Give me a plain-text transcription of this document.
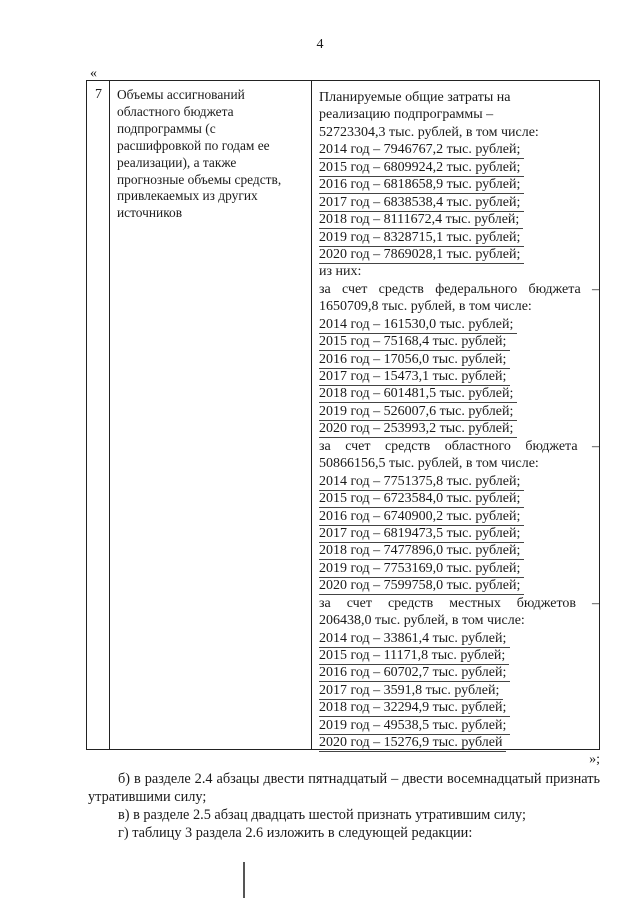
4
«
7 Объемы ассигнований
областного бюджета
подпрограммы (с
расшифровкой по годам ее
реализации), а также
прогнозные объемы средств,
привлекаемых из других
источников
Планируемые общие затраты на
реализацию подпрограммы –
52723304,3 тыс. рублей, в том числе:
2014 год – 7946767,2 тыс. рублей;
2015 год – 6809924,2 тыс. рублей;
2016 год – 6818658,9 тыс. рублей;
2017 год – 6838538,4 тыс. рублей;
2018 год – 8111672,4 тыс. рублей;
2019 год – 8328715,1 тыс. рублей;
2020 год – 7869028,1 тыс. рублей;
из них:
за счет средств федерального бюджета –
1650709,8 тыс. рублей, в том числе:
2014 год – 161530,0 тыс. рублей;
2015 год – 75168,4 тыс. рублей;
2016 год – 17056,0 тыс. рублей;
2017 год – 15473,1 тыс. рублей;
2018 год – 601481,5 тыс. рублей;
2019 год – 526007,6 тыс. рублей;
2020 год – 253993,2 тыс. рублей;
за счет средств областного бюджета –
50866156,5 тыс. рублей, в том числе:
2014 год – 7751375,8 тыс. рублей;
2015 год – 6723584,0 тыс. рублей;
2016 год – 6740900,2 тыс. рублей;
2017 год – 6819473,5 тыс. рублей;
2018 год – 7477896,0 тыс. рублей;
2019 год – 7753169,0 тыс. рублей;
2020 год – 7599758,0 тыс. рублей;
за счет средств местных бюджетов –
206438,0 тыс. рублей, в том числе:
2014 год – 33861,4 тыс. рублей;
2015 год – 11171,8 тыс. рублей;
2016 год – 60702,7 тыс. рублей;
2017 год – 3591,8 тыс. рублей;
2018 год – 32294,9 тыс. рублей;
2019 год – 49538,5 тыс. рублей;
2020 год – 15276,9 тыс. рублей
»;
б) в разделе 2.4 абзацы двести пятнадцатый – двести восемнадцатый признать утратившими силу;
в) в разделе 2.5 абзац двадцать шестой признать утратившим силу;
г) таблицу 3 раздела 2.6 изложить в следующей редакции:
